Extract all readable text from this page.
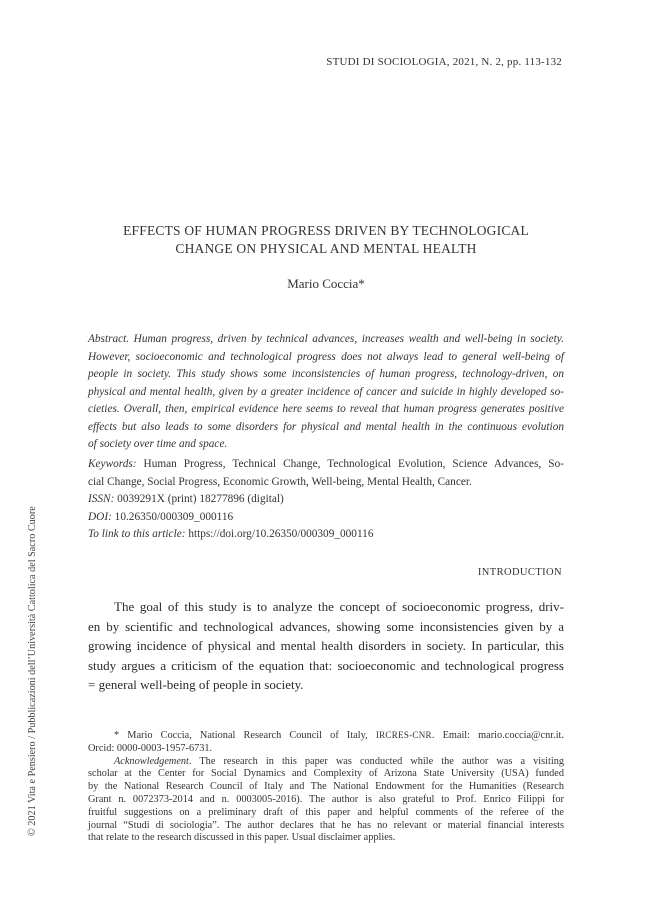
STUDI DI SOCIOLOGIA, 2021, N. 2, pp. 113-132
EFFECTS OF HUMAN PROGRESS DRIVEN BY TECHNOLOGICAL
CHANGE ON PHYSICAL AND MENTAL HEALTH
Mario Coccia*
Abstract. Human progress, driven by technical advances, increases wealth and well-being in society.
However, socioeconomic and technological progress does not always lead to general well-being of
people in society. This study shows some inconsistencies of human progress, technology-driven, on
physical and mental health, given by a greater incidence of cancer and suicide in highly developed so-
cieties. Overall, then, empirical evidence here seems to reveal that human progress generates positive
effects but also leads to some disorders for physical and mental health in the continuous evolution
of society over time and space.
Keywords: Human Progress, Technical Change, Technological Evolution, Science Advances, So-
cial Change, Social Progress, Economic Growth, Well-being, Mental Health, Cancer.
ISSN: 0039291X (print) 18277896 (digital)
DOI: 10.26350/000309_000116
To link to this article: https://doi.org/10.26350/000309_000116
INTRODUCTION
The goal of this study is to analyze the concept of socioeconomic progress, driv-
en by scientific and technological advances, showing some inconsistencies given by a
growing incidence of physical and mental health disorders in society. In particular, this
study argues a criticism of the equation that: socioeconomic and technological progress
= general well-being of people in society.
* Mario Coccia, National Research Council of Italy, IRCRES-CNR. Email: mario.coccia@cnr.it.
Orcid: 0000-0003-1957-6731.
Acknowledgement. The research in this paper was conducted while the author was a visiting
scholar at the Center for Social Dynamics and Complexity of Arizona State University (USA) funded
by the National Research Council of Italy and The National Endowment for the Humanities (Research
Grant n. 0072373-2014 and n. 0003005-2016). The author is also grateful to Prof. Enrico Filippi for
fruitful suggestions on a preliminary draft of this paper and helpful comments of the referee of the
journal “Studi di sociologia”. The author declares that he has no relevant or material financial interests
that relate to the research discussed in this paper. Usual disclaimer applies.
© 2021 Vita e Pensiero / Pubblicazioni dell’Università Cattolica del Sacro Cuore
